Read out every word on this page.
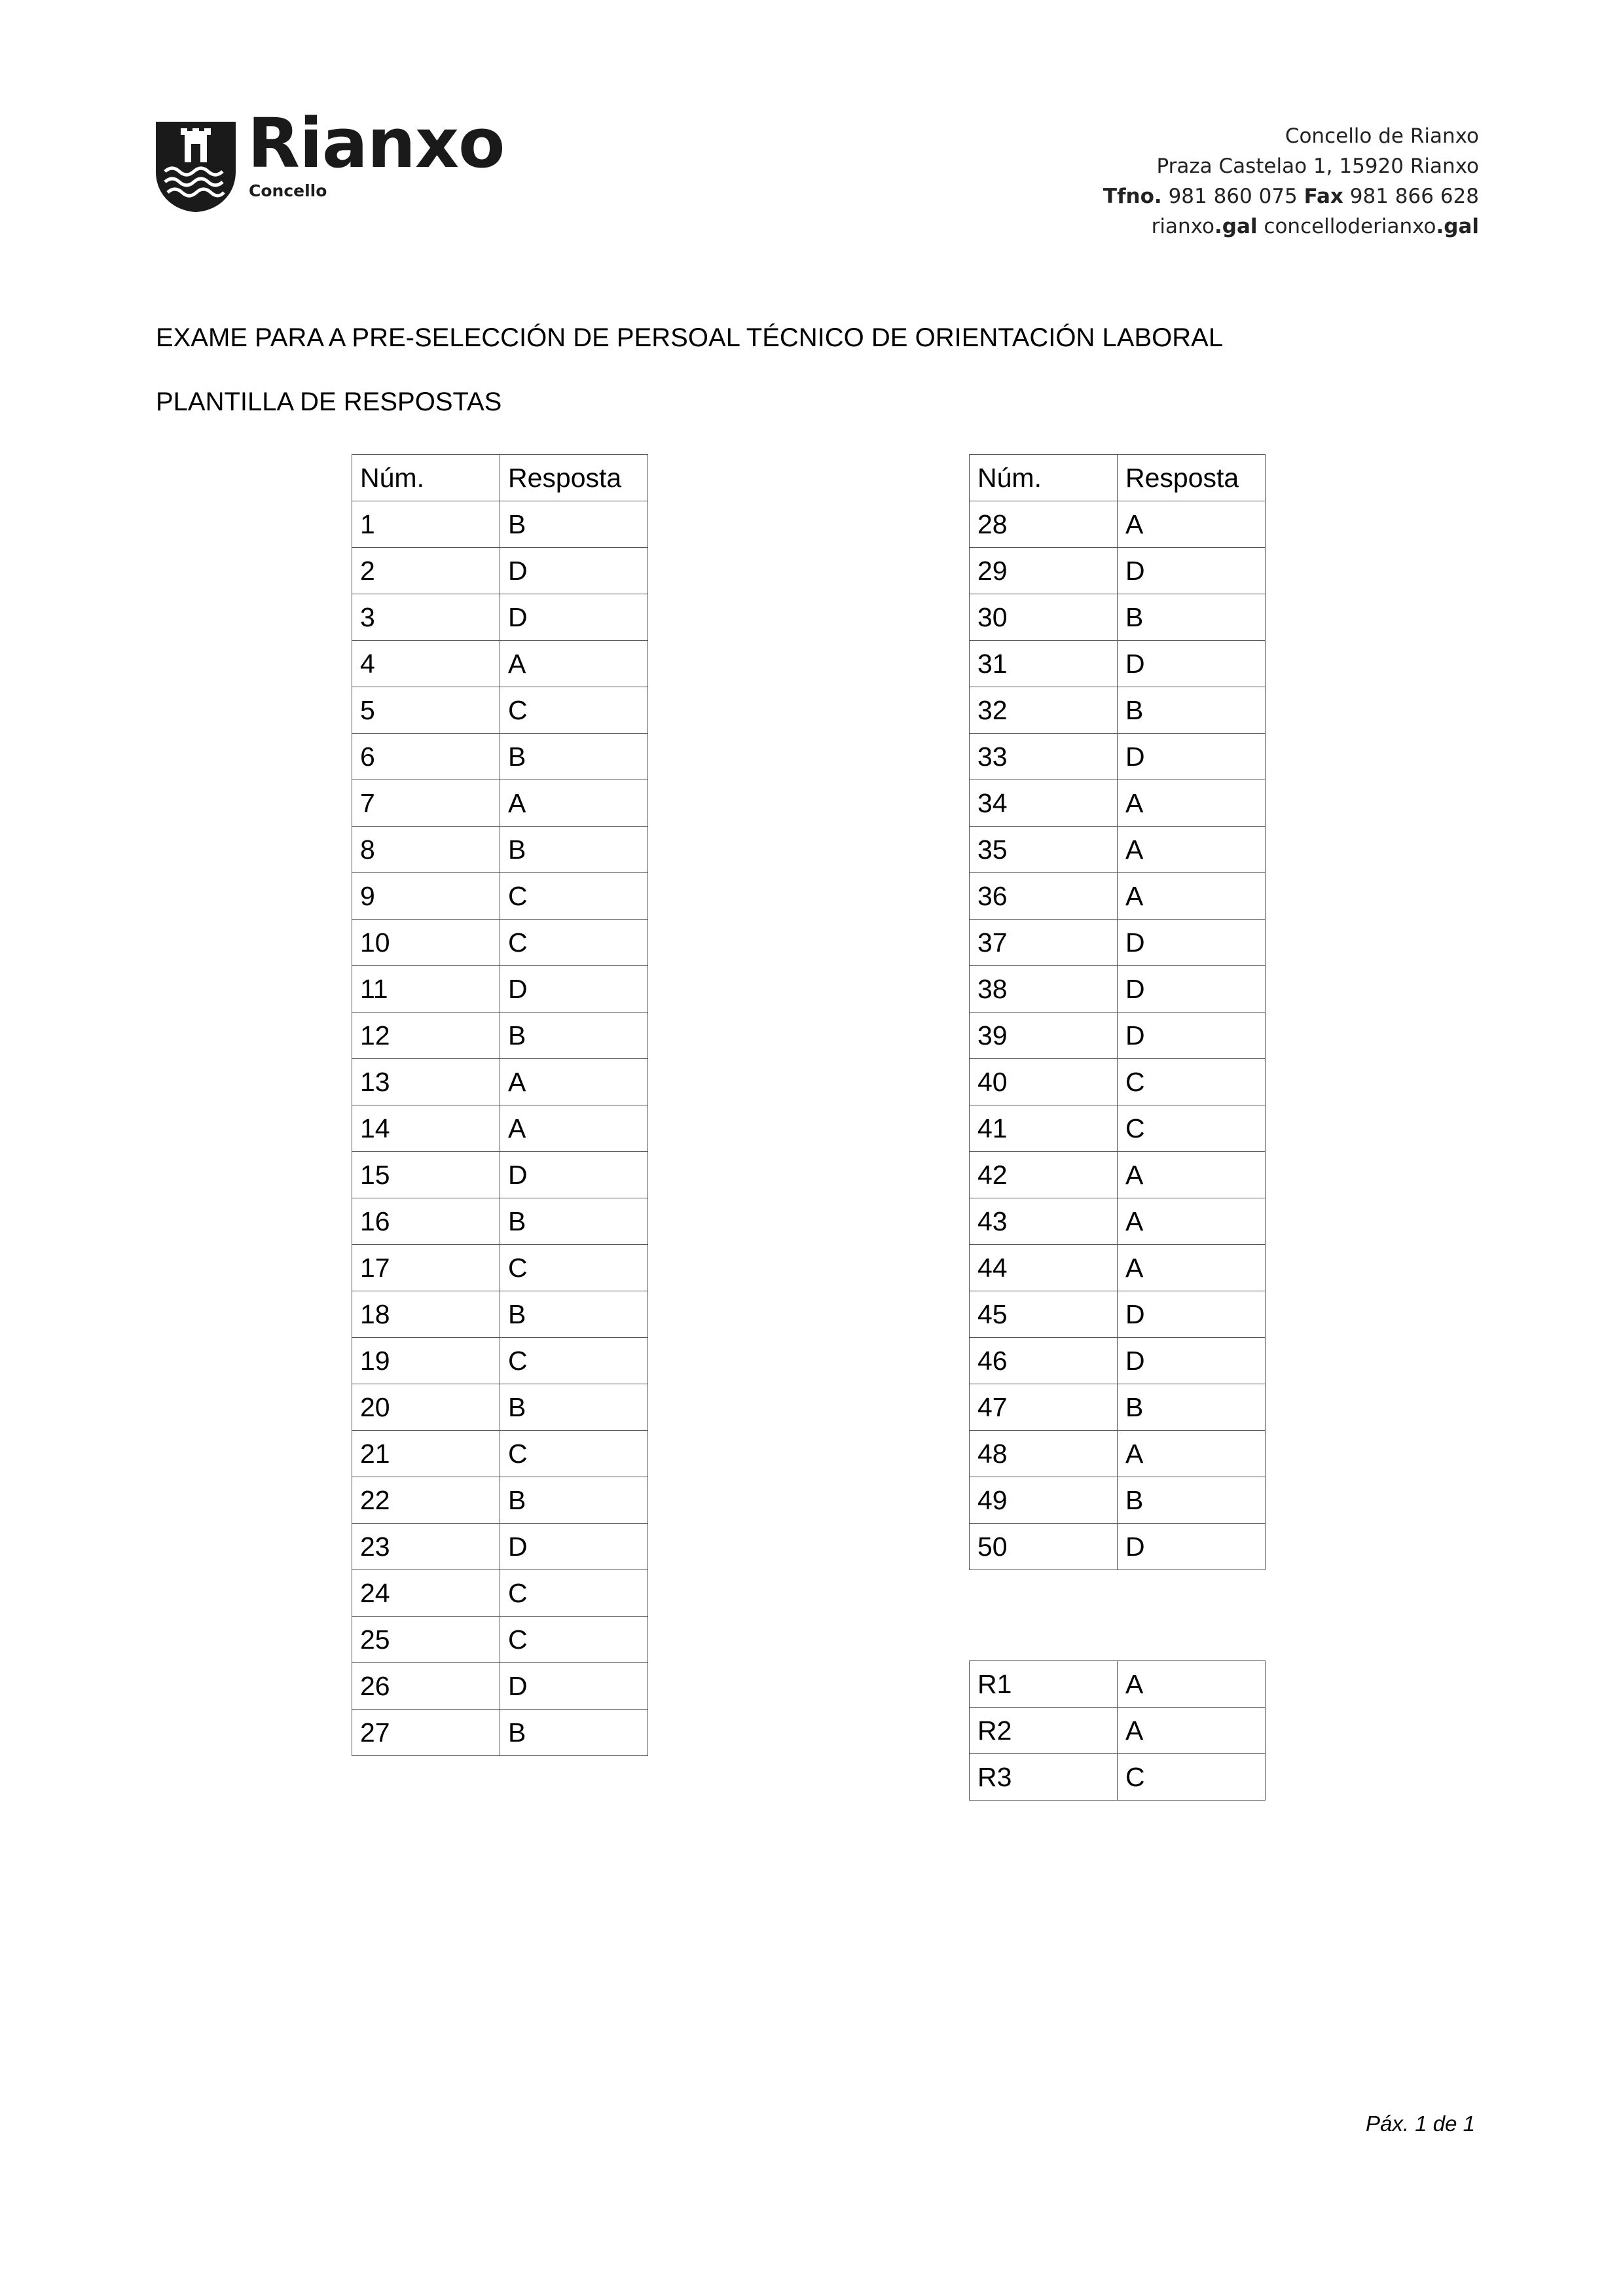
Rianxo
Concello
Concello de Rianxo
Praza Castelao 1, 15920 Rianxo
Tfno. 981 860 075 Fax 981 866 628
rianxo.gal concelloderianxo.gal
EXAME PARA A PRE-SELECCIÓN DE PERSOAL TÉCNICO DE ORIENTACIÓN LABORAL
PLANTILLA DE RESPOSTAS
Núm.	Resposta
1	B
2	D
3	D
4	A
5	C
6	B
7	A
8	B
9	C
10	C
11	D
12	B
13	A
14	A
15	D
16	B
17	C
18	B
19	C
20	B
21	C
22	B
23	D
24	C
25	C
26	D
27	B
Núm.	Resposta
28	A
29	D
30	B
31	D
32	B
33	D
34	A
35	A
36	A
37	D
38	D
39	D
40	C
41	C
42	A
43	A
44	A
45	D
46	D
47	B
48	A
49	B
50	D
R1	A
R2	A
R3	C
Páx. 1 de 1
